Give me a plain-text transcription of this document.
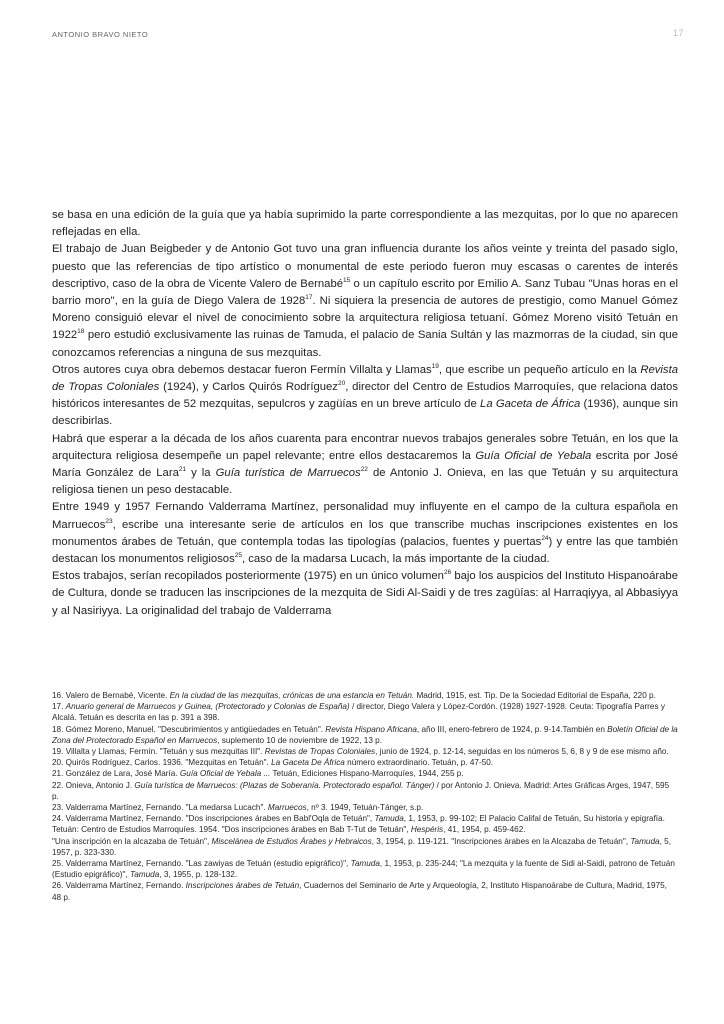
ANTONIO BRAVO NIETO	17

se basa en una edición de la guía que ya había suprimido la parte correspondiente a las mezquitas, por lo que no aparecen reflejadas en ella.

El trabajo de Juan Beigbeder y de Antonio Got tuvo una gran influencia durante los años veinte y treinta del pasado siglo, puesto que las referencias de tipo artístico o monumental de este periodo fueron muy escasas o carentes de interés descriptivo, caso de la obra de Vicente Valero de Bernabé$^{15}$ o un capítulo escrito por Emilio A. Sanz Tubau "Unas horas en el barrio moro", en la guía de Diego Valera de 1928$^{17}$. Ni siquiera la presencia de autores de prestigio, como Manuel Gómez Moreno consiguió elevar el nivel de conocimiento sobre la arquitectura religiosa tetuaní. Gómez Moreno visitó Tetuán en 1922$^{18}$ pero estudió exclusivamente las ruinas de Tamuda, el palacio de Sania Sultán y las mazmorras de la ciudad, sin que conozcamos referencias a ninguna de sus mezquitas.

Otros autores cuya obra debemos destacar fueron Fermín Villalta y Llamas$^{19}$, que escribe un pequeño artículo en la Revista de Tropas Coloniales (1924), y Carlos Quirós Rodríguez$^{20}$, director del Centro de Estudios Marroquíes, que relaciona datos históricos interesantes de 52 mezquitas, sepulcros y zagüías en un breve artículo de La Gaceta de África (1936), aunque sin describirlas.

Habrá que esperar a la década de los años cuarenta para encontrar nuevos trabajos generales sobre Tetuán, en los que la arquitectura religiosa desempeñe un papel relevante; entre ellos destacaremos la Guía Oficial de Yebala escrita por José María González de Lara$^{21}$ y la Guía turística de Marruecos$^{22}$ de Antonio J. Onieva, en las que Tetuán y su arquitectura religiosa tienen un peso destacable.

Entre 1949 y 1957 Fernando Valderrama Martínez, personalidad muy influyente en el campo de la cultura española en Marruecos$^{23}$, escribe una interesante serie de artículos en los que transcribe muchas inscripciones existentes en los monumentos árabes de Tetuán, que contempla todas las tipologías (palacios, fuentes y puertas$^{24}$) y entre las que también destacan los monumentos religiosos$^{25}$, caso de la madarsa Lucach, la más importante de la ciudad.

Estos trabajos, serían recopilados posteriormente (1975) en un único volumen$^{26}$ bajo los auspicios del Instituto Hispanoárabe de Cultura, donde se traducen las inscripciones de la mezquita de Sidi Al-Saidi y de tres zagüías: al Harraqiyya, al Abbasiyya y al Nasiriyya. La originalidad del trabajo de Valderrama

16. Valero de Bernabé, Vicente. En la ciudad de las mezquitas, crónicas de una estancia en Tetuán. Madrid, 1915, est. Tip. De la Sociedad Editorial de España, 220 p.

17. Anuario general de Marruecos y Guinea, (Protectorado y Colonias de España) / director, Diego Valera y López-Cordón. (1928) 1927-1928. Ceuta: Tipografía Parres y Alcalá. Tetuán es descrita en las p. 391 a 398.

18. Gómez Moreno, Manuel. "Descubrimientos y antigüedades en Tetuán". Revista Hispano Africana, año III, enero-febrero de 1924, p. 9-14.También en Boletín Oficial de la Zona del Protectorado Español en Marruecos, suplemento 10 de noviembre de 1922, 13 p.

19. Villalta y Llamas, Fermín. "Tetuán y sus mezquitas III". Revistas de Tropas Coloniales, junio de 1924, p. 12-14, seguidas en los números 5, 6, 8 y 9 de ese mismo año.

20. Quirós Rodríguez, Carlos. 1936. "Mezquitas en Tetuán". La Gaceta De África número extraordinario. Tetuán, p. 47-50.

21. González de Lara, José María. Guía Oficial de Yebala ... Tetuán, Ediciones Hispano-Marroquíes, 1944, 255 p.

22. Onieva, Antonio J. Guía turística de Marruecos: (Plazas de Soberanía. Protectorado español. Tánger) / por Antonio J. Onieva. Madrid: Artes Gráficas Arges, 1947, 595 p.

23. Valderrama Martínez, Fernando. "La medarsa Lucach". Marruecos, nº 3. 1949, Tetuán-Tánger, s.p.

24. Valderrama Martínez, Fernando. "Dos inscripciones árabes en Babl'Oqla de Tetuán", Tamuda, 1, 1953, p. 99-102; El Palacio Califal de Tetuán, Su historia y epigrafía. Tetuán: Centro de Estudios Marroquíes. 1954. "Dos inscripciones árabes en Bab T-Tut de Tetuán", Hespéris, 41, 1954, p. 459-462.

"Una inscripción en la alcazaba de Tetuán", Miscelánea de Estudios Árabes y Hebraicos, 3, 1954, p. 119-121. "Inscripciones árabes en la Alcazaba de Tetuán", Tamuda, 5, 1957, p. 323-330.

25. Valderrama Martínez, Fernando. "Las zawiyas de Tetuán (estudio epigráfico)", Tamuda, 1, 1953, p. 235-244; "La mezquita y la fuente de Sidi al-Saidi, patrono de Tetuán (Estudio epigráfico)", Tamuda, 3, 1955, p. 128-132.

26. Valderrama Martínez, Fernando. Inscripciones árabes de Tetuán, Cuadernos del Seminario de Arte y Arqueología, 2, Instituto Hispanoárabe de Cultura, Madrid, 1975, 48 p.
